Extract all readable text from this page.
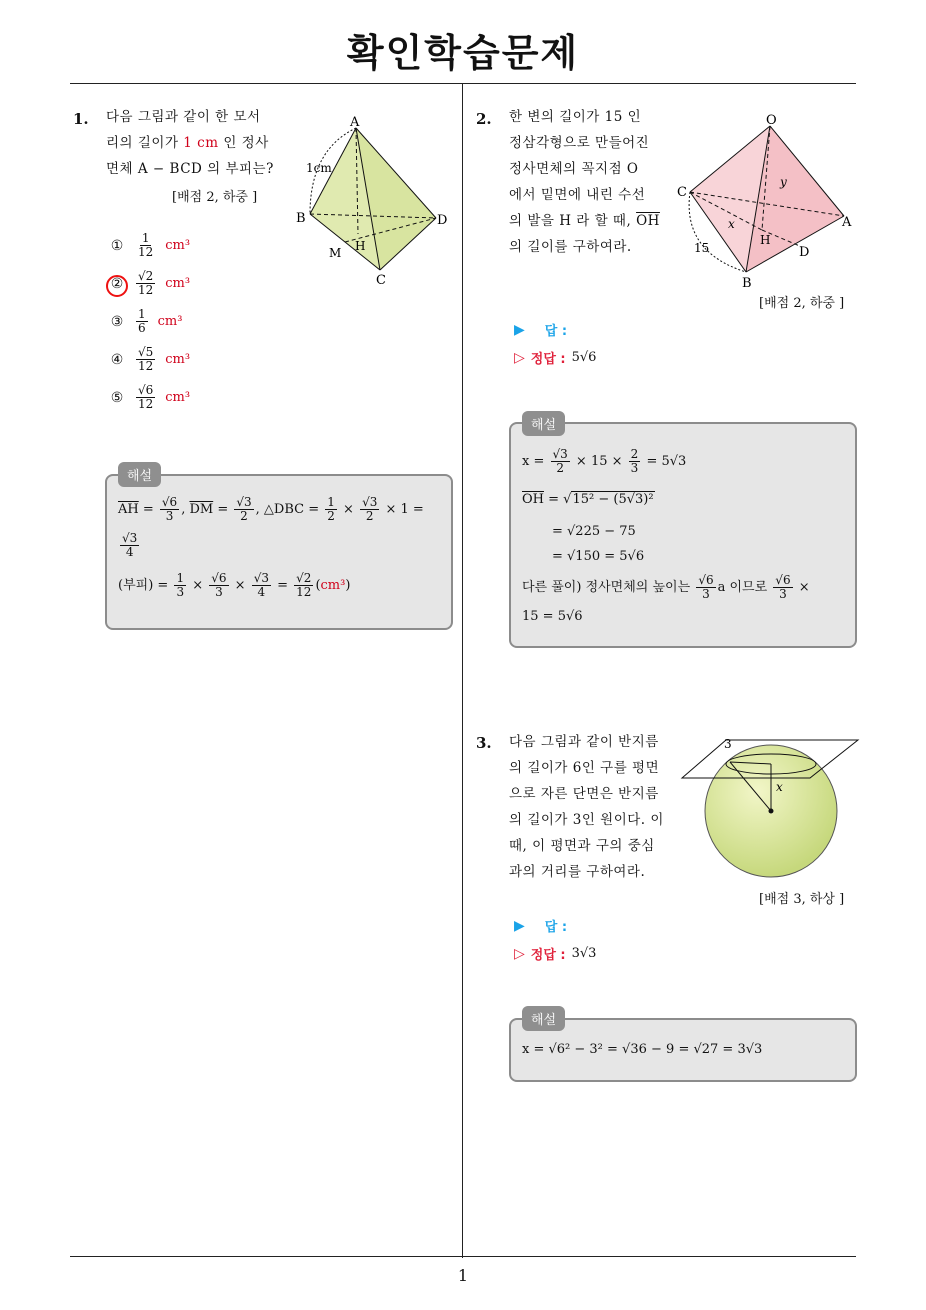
확인학습문제
1
1. 다음 그림과 같이 한 모서
리의 길이가 1 cm 인 정사
면체 A − BCD 의 부피는?
[배점 2, 하중 ]
A
B
C
D
H
M
1cm
① $\frac{1}{12} cm^3$
② $\frac{√2}{12} cm^3$
③ $\frac{1}{6} cm^3$
④ $\frac{√5}{12} cm^3$
⑤ $\frac{√6}{12} cm^3$
해설
$\overline{AH} = \frac{√6}{3}$ , $\overline{DM} = \frac{√3}{2}$ , △DBC = $\frac{1}{2} \times \frac{√3}{2} \times 1$ =
$\frac{√3}{4}$
(부피) = $\frac{1}{3} \times \frac{√6}{3} \times \frac{√3}{4} = \frac{√2}{12} (cm^3)$
2. 한 변의 길이가 15 인
정삼각형으로 만들어진
정사면체의 꼭지점 O
에서 밑면에 내린 수선
의 발을 H 라 할 때, $\overline{OH}$
의 길이를 구하여라.
O
C
B
A
D
H
x
y
15
[배점 2, 하중 ]
▶ 답 :
▷ 정답 : 5√6
해설
$x = \frac{√3}{2} \times 15 \times \frac{2}{3} = 5√3$
$\overline{OH} = √15^2 - (5√3)^2$
= √225 − 75
= √150 = 5√6
다른 풀이) 정사면체의 높이는 $\frac{√6}{3}$ a 이므로 $\frac{√6}{3}$ ×
15 = 5√6
3. 다음 그림과 같이 반지름
의 길이가 6인 구를 평면
으로 자른 단면은 반지름
의 길이가 3인 원이다. 이
때, 이 평면과 구의 중심
과의 거리를 구하여라.
3
x
[배점 3, 하상 ]
▶ 답 :
▷ 정답 : 3√3
해설
x = √6² − 3² = √36 − 9 = √27 = 3√3
